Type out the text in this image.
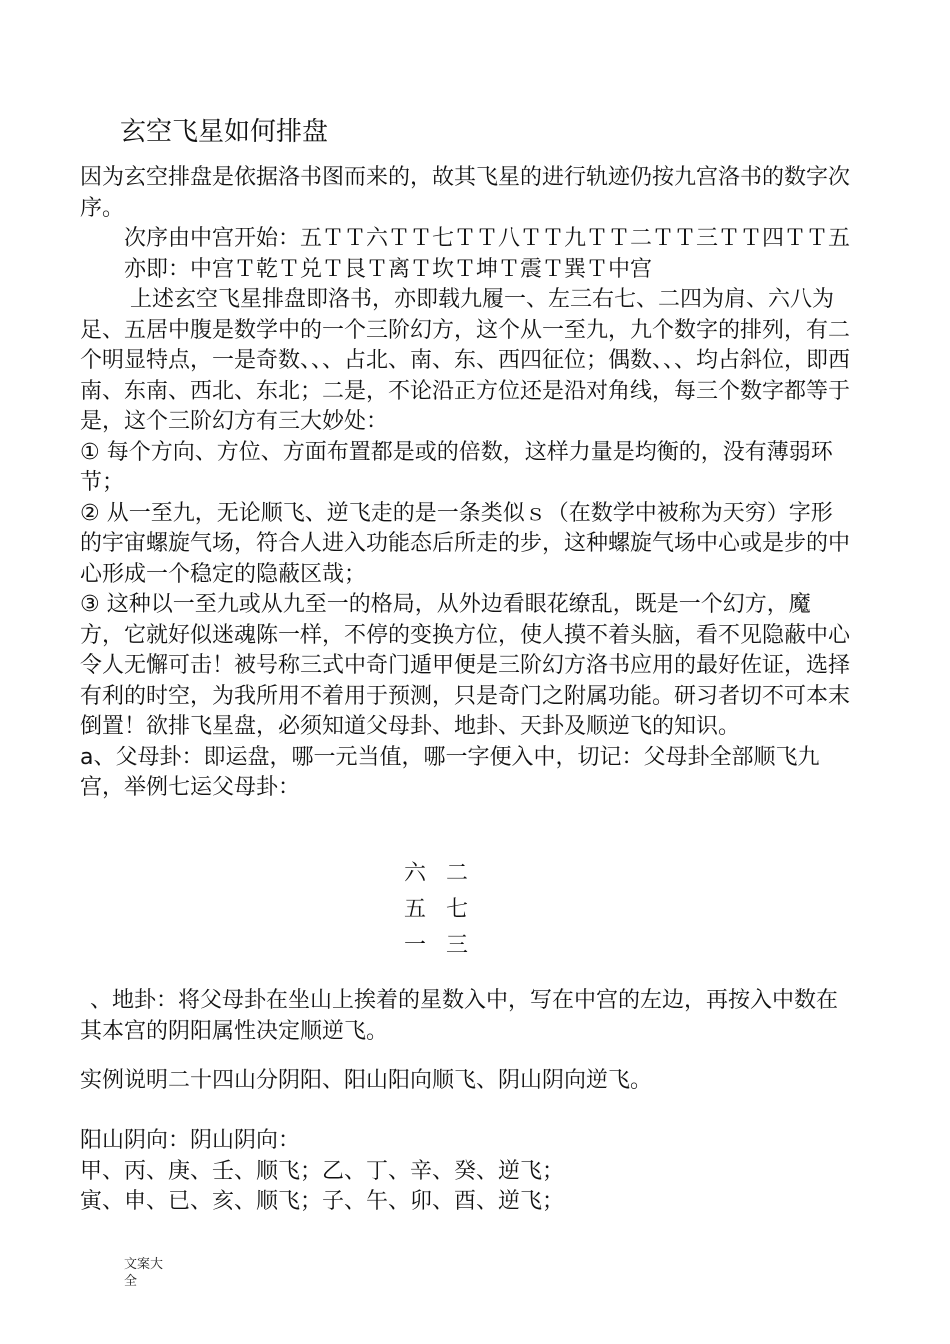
玄空飞星如何排盘

因为玄空排盘是依据洛书图而来的，故其飞星的进行轨迹仍按九宫洛书的数字次序。

次序由中宫开始：五ＴＴ六ＴＴ七ＴＴ八ＴＴ九ＴＴ二ＴＴ三ＴＴ四ＴＴ五

亦即：中宫Ｔ乾Ｔ兑Ｔ艮Ｔ离Ｔ坎Ｔ坤Ｔ震Ｔ巽Ｔ中宫

上述玄空飞星排盘即洛书，亦即载九履一、左三右七、二四为肩、六八为足、五居中腹是数学中的一个三阶幻方，这个从一至九，九个数字的排列，有二个明显特点，一是奇数、、、占北、南、东、西四征位；偶数、、、均占斜位，即西南、东南、西北、东北；二是，不论沿正方位还是沿对角线，每三个数字都等于是，这个三阶幻方有三大妙处：

① 每个方向、方位、方面布置都是或的倍数，这样力量是均衡的，没有薄弱环节；

② 从一至九，无论顺飞、逆飞走的是一条类似ｓ（在数学中被称为天穷）字形的宇宙螺旋气场，符合人进入功能态后所走的步，这种螺旋气场中心或是步的中心形成一个稳定的隐蔽区哉；

③ 这种以一至九或从九至一的格局，从外边看眼花缭乱，既是一个幻方，魔方，它就好似迷魂陈一样，不停的变换方位，使人摸不着头脑，看不见隐蔽中心令人无懈可击！被号称三式中奇门遁甲便是三阶幻方洛书应用的最好佐证，选择有利的时空，为我所用不着用于预测，只是奇门之附属功能。研习者切不可本末倒置！欲排飞星盘，必须知道父母卦、地卦、天卦及顺逆飞的知识。

a、父母卦：即运盘，哪一元当值，哪一字便入中，切记：父母卦全部顺飞九宫，举例七运父母卦：

六 二
五 七
一 三

、地卦：将父母卦在坐山上挨着的星数入中，写在中宫的左边，再按入中数在其本宫的阴阳属性决定顺逆飞。

实例说明二十四山分阴阳、阳山阳向顺飞、阴山阴向逆飞。

阳山阴向：阴山阴向：

甲、丙、庚、壬、顺飞；乙、丁、辛、癸、逆飞；

寅、申、已、亥、顺飞；子、午、卯、酉、逆飞；

文案大全
